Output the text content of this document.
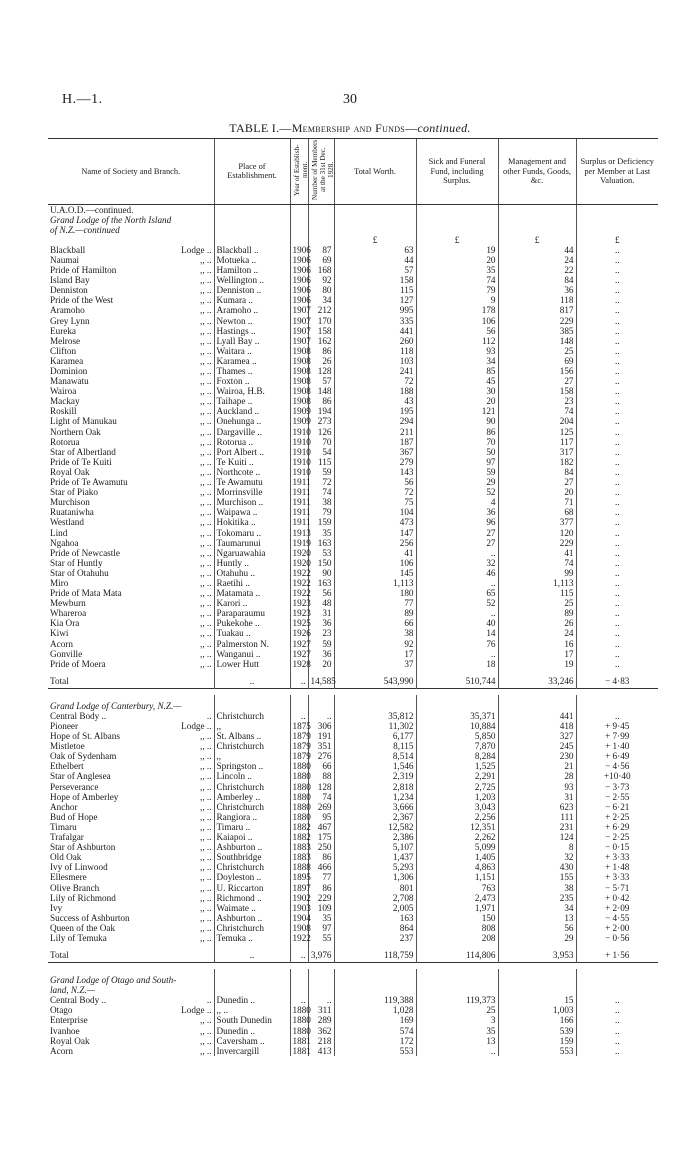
H.—1.	30
TABLE I.—Membership and Funds—continued.
Name of Society and Branch.	Place of Establishment.	Year of Establish-ment.	Number of Members at the 31st Dec. 1928.	Total Worth.	Sick and Funeral Fund, including Surplus.	Management and other Funds, Goods, &c.	Surplus or Deficiency per Member at Last Valuation.
U.A.O.D.—continued.							
Grand Lodge of the North Island							
of N.Z.—continued							
				£	£	£	£
Blackball Lodge ..	Blackball ..	1906	87	63	19	44	..
Naumai ,, ..	Motueka ..	1906	69	44	20	24	..
Pride of Hamilton ,, ..	Hamilton ..	1906	168	57	35	22	..
Island Bay ,, ..	Wellington ..	1906	92	158	74	84	..
Denniston ,, ..	Denniston ..	1906	80	115	79	36	..
Pride of the West ,, ..	Kumara ..	1906	34	127	9	118	..
Aramoho ,, ..	Aramoho ..	1907	212	995	178	817	..
Grey Lynn ,, ..	Newton ..	1907	170	335	106	229	..
Eureka ,, ..	Hastings ..	1907	158	441	56	385	..
Melrose ,, ..	Lyall Bay ..	1907	162	260	112	148	..
Clifton ,, ..	Waitara ..	1908	86	118	93	25	..
Karamea ,, ..	Karamea ..	1908	26	103	34	69	..
Dominion ,, ..	Thames ..	1908	128	241	85	156	..
Manawatu ,, ..	Foxton ..	1908	57	72	45	27	..
Wairoa ,, ..	Wairoa, H.B.	1908	148	188	30	158	..
Mackay ,, ..	Taihape ..	1908	86	43	20	23	..
Roskill ,, ..	Auckland ..	1909	194	195	121	74	..
Light of Manukau ,, ..	Onehunga ..	1909	273	294	90	204	..
Northern Oak ,, ..	Dargaville ..	1910	126	211	86	125	..
Rotorua ,, ..	Rotorua ..	1910	70	187	70	117	..
Star of Albertland ,, ..	Port Albert ..	1910	54	367	50	317	..
Pride of Te Kuiti ,, ..	Te Kuiti ..	1910	115	279	97	182	..
Royal Oak ,, ..	Northcote ..	1910	59	143	59	84	..
Pride of Te Awamutu ,, ..	Te Awamutu	1911	72	56	29	27	..
Star of Piako ,, ..	Morrinsville	1911	74	72	52	20	..
Murchison ,, ..	Murchison ..	1911	38	75	4	71	..
Ruataniwha ,, ..	Waipawa ..	1911	79	104	36	68	..
Westland ,, ..	Hokitika ..	1911	159	473	96	377	..
Lind ,, ..	Tokomaru ..	1913	35	147	27	120	..
Ngahoa ,, ..	Taumarunui	1919	163	256	27	229	..
Pride of Newcastle ,, ..	Ngaruawahia	1920	53	41	..	41	..
Star of Huntly ,, ..	Huntly ..	1920	150	106	32	74	..
Star of Otahuhu ,, ..	Otahuhu ..	1922	90	145	46	99	..
Miro ,, ..	Raetihi ..	1922	163	1,113	..	1,113	..
Pride of Mata Mata ,, ..	Matamata ..	1922	56	180	65	115	..
Mewburn ,, ..	Karori ..	1923	48	77	52	25	..
Whareroa ,, ..	Paraparaumu	1923	31	89	..	89	..
Kia Ora ,, ..	Pukekohe ..	1925	36	66	40	26	..
Kiwi ,, ..	Tuakau ..	1926	23	38	14	24	..
Acorn ,, ..	Palmerston N.	1927	59	92	76	16	..
Gonville ,, ..	Wanganui ..	1927	36	17	..	17	..
Pride of Moera ,, ..	Lower Hutt	1928	20	37	18	19	..

Total	..	..	14,585	543,990	510,744	33,246	− 4·83

Grand Lodge of Canterbury, N.Z.—							
Central Body .. ..	Christchurch	..	..	35,812	35,371	441	..
Pioneer Lodge ..	,,	1875	306	11,302	10,884	418	+ 9·45
Hope of St. Albans ,, ..	St. Albans ..	1879	191	6,177	5,850	327	+ 7·99
Mistletoe ,, ..	Christchurch	1879	351	8,115	7,870	245	+ 1·40
Oak of Sydenham ,, ..	,,	1879	276	8,514	8,284	230	+ 6·49
Ethelbert ,, ..	Springston ..	1880	66	1,546	1,525	21	− 4·56
Star of Anglesea ,, ..	Lincoln ..	1880	88	2,319	2,291	28	+10·40
Perseverance ,, ..	Christchurch	1880	128	2,818	2,725	93	− 3·73
Hope of Amberley ,, ..	Amberley ..	1880	74	1,234	1,203	31	− 2·55
Anchor ,, ..	Christchurch	1880	269	3,666	3,043	623	− 6·21
Bud of Hope ,, ..	Rangiora ..	1880	95	2,367	2,256	111	+ 2·25
Timaru ,, ..	Timaru ..	1882	467	12,582	12,351	231	+ 6·29
Trafalgar ,, ..	Kaiapoi ..	1882	175	2,386	2,262	124	− 2·25
Star of Ashburton ,, ..	Ashburton ..	1883	250	5,107	5,099	8	− 0·15
Old Oak ,, ..	Southbridge	1883	86	1,437	1,405	32	+ 3·33
Ivy of Linwood ,, ..	Christchurch	1888	466	5,293	4,863	430	+ 1·48
Ellesmere ,, ..	Doyleston ..	1895	77	1,306	1,151	155	+ 3·33
Olive Branch ,, ..	U. Riccarton	1897	86	801	763	38	− 5·71
Lily of Richmond ,, ..	Richmond ..	1902	229	2,708	2,473	235	+ 0·42
Ivy ,, ..	Waimate ..	1903	109	2,005	1,971	34	+ 2·09
Success of Ashburton ,, ..	Ashburton ..	1904	35	163	150	13	− 4·55
Queen of the Oak ,, ..	Christchurch	1908	97	864	808	56	+ 2·00
Lily of Temuka ,, ..	Temuka ..	1922	55	237	208	29	− 0·56

Total	..	..	3,976	118,759	114,806	3,953	+ 1·56

Grand Lodge of Otago and South-							
land, N.Z.—							
Central Body .. ..	Dunedin ..	..	..	119,388	119,373	15	..
Otago Lodge ..	,, ..	1880	311	1,028	25	1,003	..
Enterprise ,, ..	South Dunedin	1880	289	169	3	166	..
Ivanhoe ,, ..	Dunedin ..	1880	362	574	35	539	..
Royal Oak ,, ..	Caversham ..	1881	218	172	13	159	..
Acorn ,, ..	Invercargill	1881	413	553	..	553	..
